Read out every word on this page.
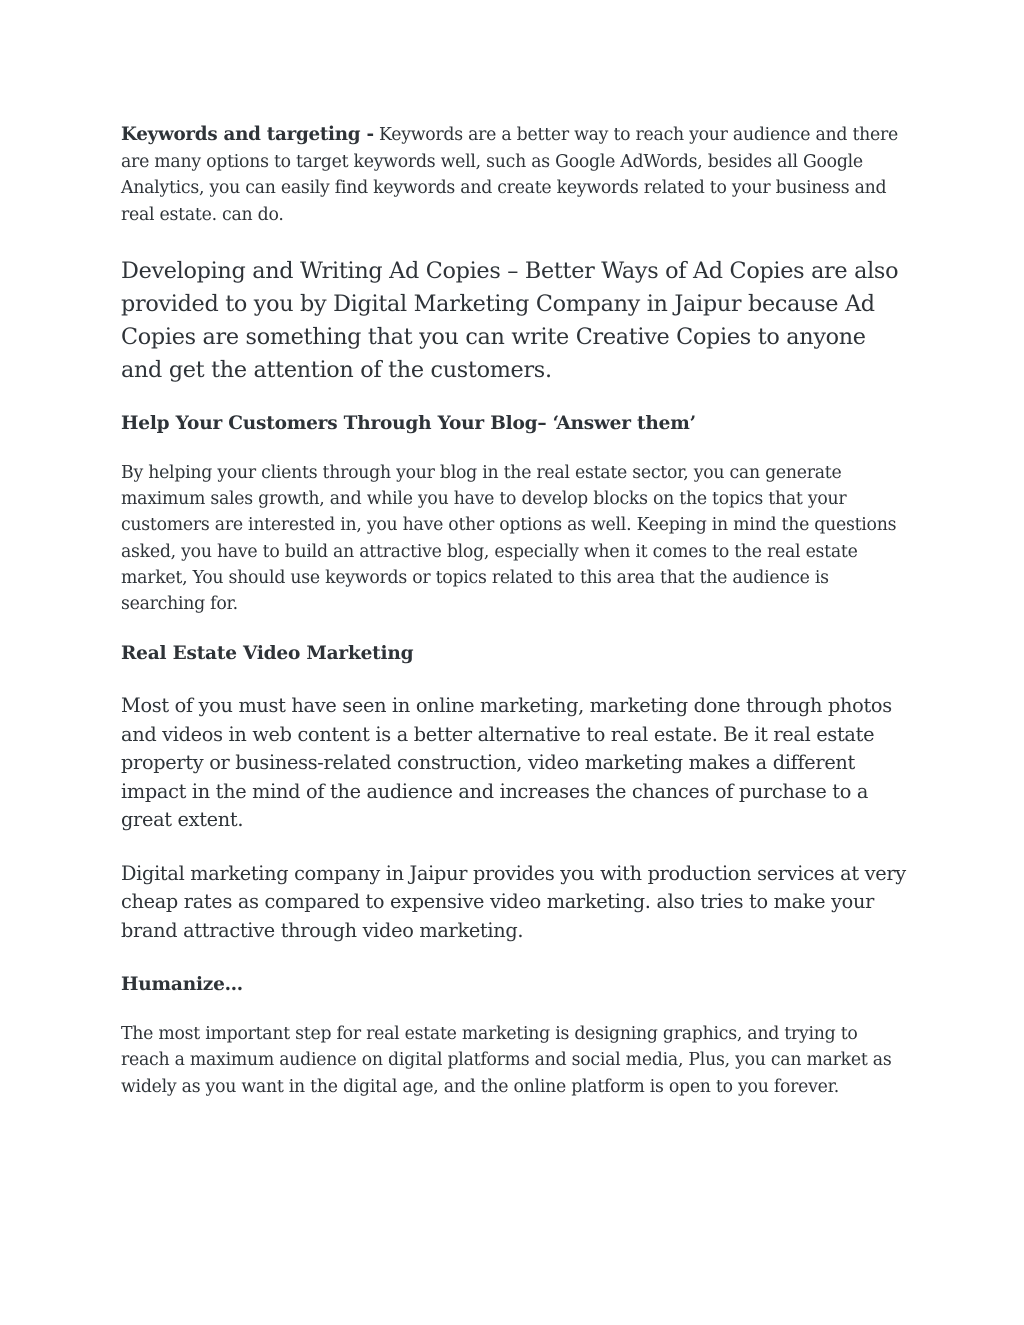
Keywords and targeting - Keywords are a better way to reach your audience and there are many options to target keywords well, such as Google AdWords, besides all Google Analytics, you can easily find keywords and create keywords related to your business and real estate. can do.

Developing and Writing Ad Copies – Better Ways of Ad Copies are also provided to you by Digital Marketing Company in Jaipur because Ad Copies are something that you can write Creative Copies to anyone and get the attention of the customers.

Help Your Customers Through Your Blog– ‘Answer them’

By helping your clients through your blog in the real estate sector, you can generate maximum sales growth, and while you have to develop blocks on the topics that your customers are interested in, you have other options as well. Keeping in mind the questions asked, you have to build an attractive blog, especially when it comes to the real estate market, You should use keywords or topics related to this area that the audience is searching for.

Real Estate Video Marketing

Most of you must have seen in online marketing, marketing done through photos and videos in web content is a better alternative to real estate. Be it real estate property or business-related construction, video marketing makes a different impact in the mind of the audience and increases the chances of purchase to a great extent.

Digital marketing company in Jaipur provides you with production services at very cheap rates as compared to expensive video marketing. also tries to make your brand attractive through video marketing.

Humanize…

The most important step for real estate marketing is designing graphics, and trying to reach a maximum audience on digital platforms and social media, Plus, you can market as widely as you want in the digital age, and the online platform is open to you forever.
